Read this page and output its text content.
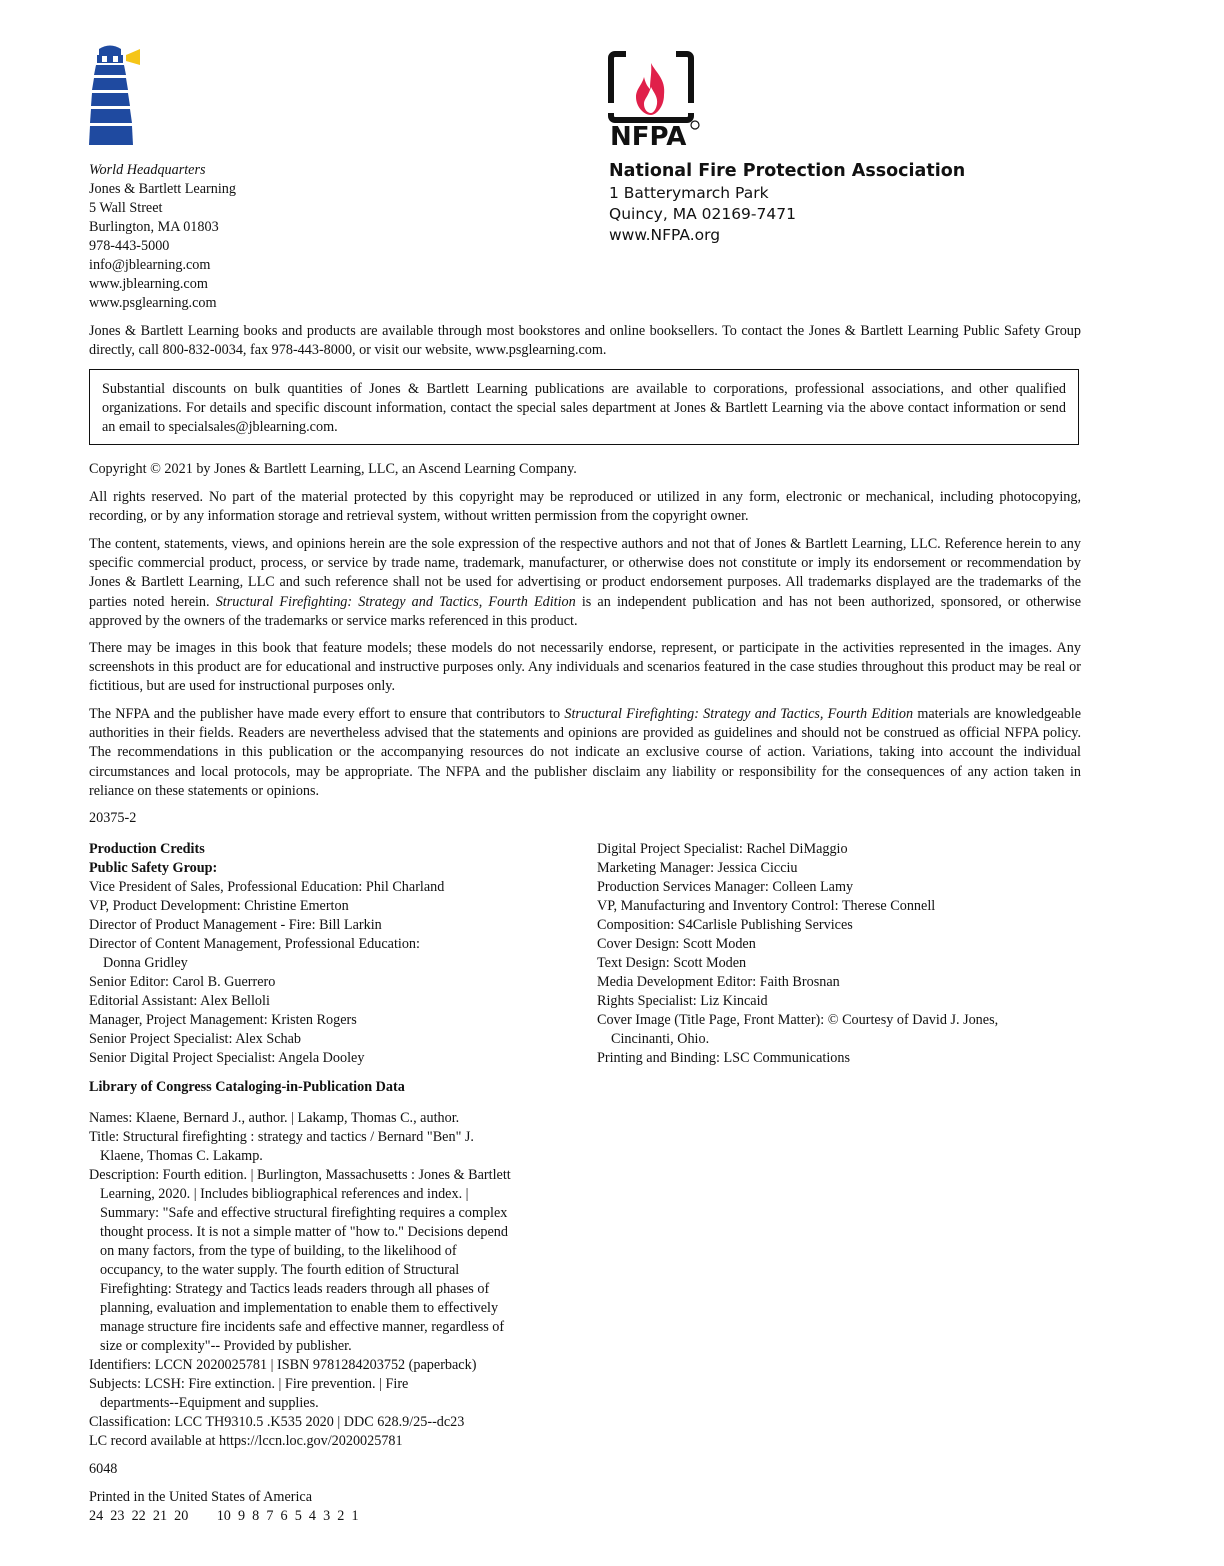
World Headquarters
Jones & Bartlett Learning
5 Wall Street
Burlington, MA 01803
978-443-5000
info@jblearning.com
www.jblearning.com
www.psglearning.com
NFPA
National Fire Protection Association
1 Batterymarch Park
Quincy, MA 02169-7471
www.NFPA.org

Jones & Bartlett Learning books and products are available through most bookstores and online booksellers. To contact the Jones & Bartlett Learning Public Safety Group directly, call 800-832-0034, fax 978-443-8000, or visit our website, www.psglearning.com.

Substantial discounts on bulk quantities of Jones & Bartlett Learning publications are available to corporations, professional associations, and other qualified organizations. For details and specific discount information, contact the special sales department at Jones & Bartlett Learning via the above contact information or send an email to specialsales@jblearning.com.

Copyright © 2021 by Jones & Bartlett Learning, LLC, an Ascend Learning Company.

All rights reserved. No part of the material protected by this copyright may be reproduced or utilized in any form, electronic or mechanical, including photocopying, recording, or by any information storage and retrieval system, without written permission from the copyright owner.

The content, statements, views, and opinions herein are the sole expression of the respective authors and not that of Jones & Bartlett Learning, LLC. Reference herein to any specific commercial product, process, or service by trade name, trademark, manufacturer, or otherwise does not constitute or imply its endorsement or recommendation by Jones & Bartlett Learning, LLC and such reference shall not be used for advertising or product endorsement purposes. All trademarks displayed are the trademarks of the parties noted herein. Structural Firefighting: Strategy and Tactics, Fourth Edition is an independent publication and has not been authorized, sponsored, or otherwise approved by the owners of the trademarks or service marks referenced in this product.

There may be images in this book that feature models; these models do not necessarily endorse, represent, or participate in the activities represented in the images. Any screenshots in this product are for educational and instructive purposes only. Any individuals and scenarios featured in the case studies throughout this product may be real or fictitious, but are used for instructional purposes only.

The NFPA and the publisher have made every effort to ensure that contributors to Structural Firefighting: Strategy and Tactics, Fourth Edition materials are knowledgeable authorities in their fields. Readers are nevertheless advised that the statements and opinions are provided as guidelines and should not be construed as official NFPA policy. The recommendations in this publication or the accompanying resources do not indicate an exclusive course of action. Variations, taking into account the individual circumstances and local protocols, may be appropriate. The NFPA and the publisher disclaim any liability or responsibility for the consequences of any action taken in reliance on these statements or opinions.

20375-2
Production Credits
Public Safety Group:
Vice President of Sales, Professional Education: Phil Charland
VP, Product Development: Christine Emerton
Director of Product Management - Fire: Bill Larkin
Director of Content Management, Professional Education:
Donna Gridley
Senior Editor: Carol B. Guerrero
Editorial Assistant: Alex Belloli
Manager, Project Management: Kristen Rogers
Senior Project Specialist: Alex Schab
Senior Digital Project Specialist: Angela Dooley
Digital Project Specialist: Rachel DiMaggio
Marketing Manager: Jessica Cicciu
Production Services Manager: Colleen Lamy
VP, Manufacturing and Inventory Control: Therese Connell
Composition: S4Carlisle Publishing Services
Cover Design: Scott Moden
Text Design: Scott Moden
Media Development Editor: Faith Brosnan
Rights Specialist: Liz Kincaid
Cover Image (Title Page, Front Matter): © Courtesy of David J. Jones,
Cincinanti, Ohio.
Printing and Binding: LSC Communications
Library of Congress Cataloging-in-Publication Data
Names: Klaene, Bernard J., author. | Lakamp, Thomas C., author.
Title: Structural firefighting : strategy and tactics / Bernard "Ben" J.
Klaene, Thomas C. Lakamp.
Description: Fourth edition. | Burlington, Massachusetts : Jones & Bartlett
Learning, 2020. | Includes bibliographical references and index. |
Summary: "Safe and effective structural firefighting requires a complex
thought process. It is not a simple matter of "how to." Decisions depend
on many factors, from the type of building, to the likelihood of
occupancy, to the water supply. The fourth edition of Structural
Firefighting: Strategy and Tactics leads readers through all phases of
planning, evaluation and implementation to enable them to effectively
manage structure fire incidents safe and effective manner, regardless of
size or complexity"-- Provided by publisher.
Identifiers: LCCN 2020025781 | ISBN 9781284203752 (paperback)
Subjects: LCSH: Fire extinction. | Fire prevention. | Fire
departments--Equipment and supplies.
Classification: LCC TH9310.5 .K535 2020 | DDC 628.9/25--dc23
LC record available at https://lccn.loc.gov/2020025781
6048
Printed in the United States of America
24  23  22  21  20        10  9  8  7  6  5  4  3  2  1
